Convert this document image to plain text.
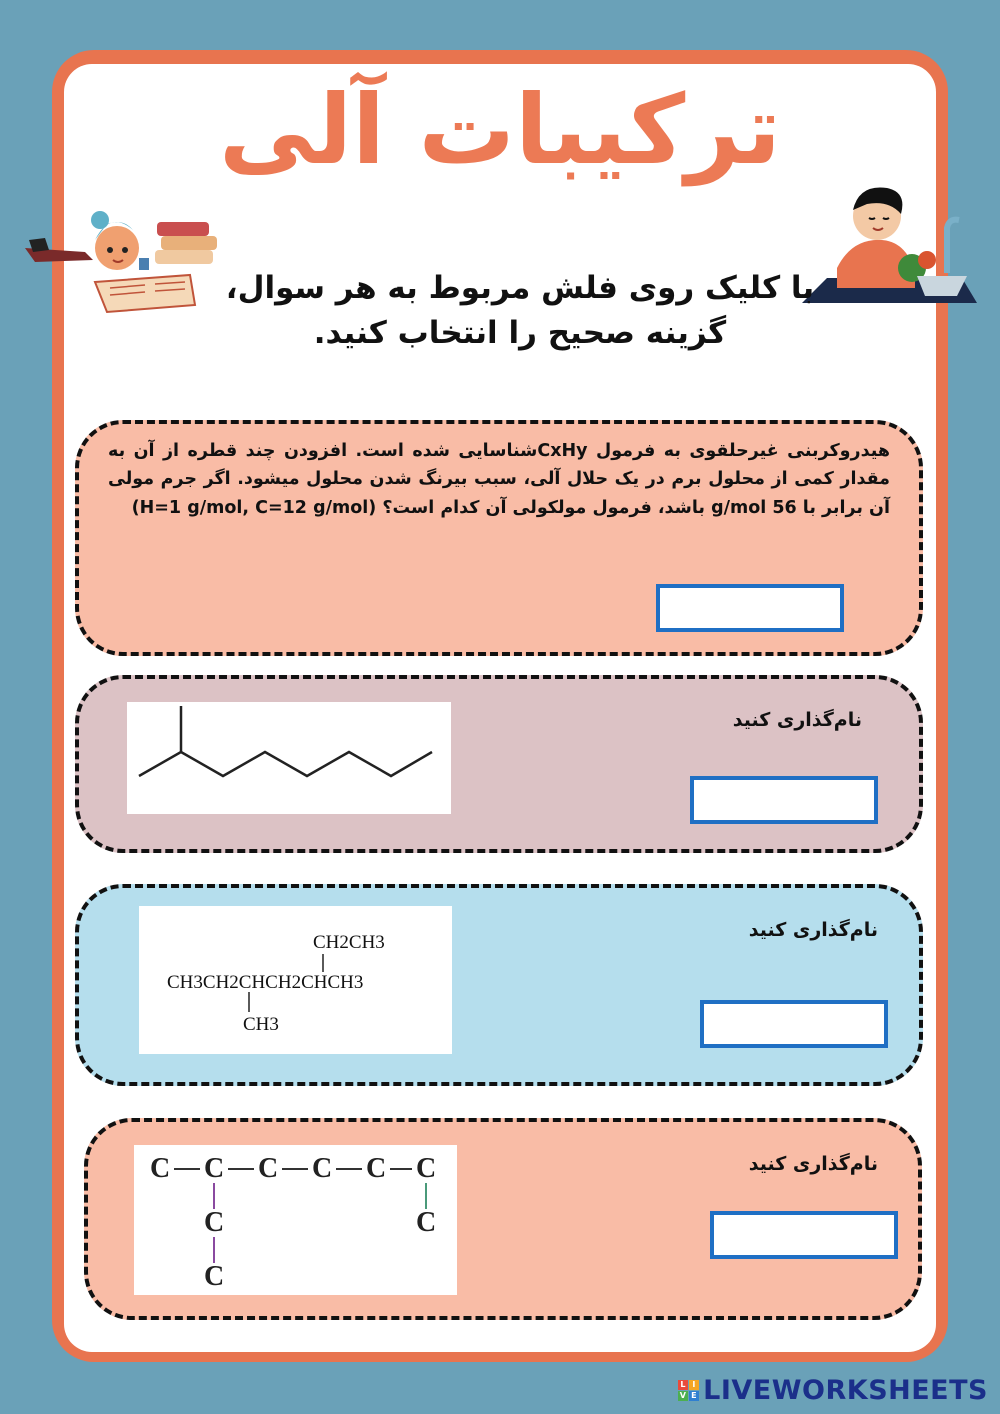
ترکیبات آلی
با کلیک روی فلش مربوط به هر سوال، گزینه صحیح را انتخاب کنید.
هیدروکربنی غیرحلقوی به فرمول CxHyشناسایی شده است. افزودن چند قطره از آن به مقدار کمی از محلول برم در یک حلال آلی، سبب بیرنگ شدن محلول میشود. اگر جرم مولی آن برابر با 56 g/mol باشد، فرمول مولکولی آن کدام است؟ (H=1 g/mol, C=12 g/mol)
نام‌گذاری کنید
CH2CH3
CH3CH2CHCH2CHCH3
CH3
نام‌گذاری کنید
C C C C C C
C
C
C
نام‌گذاری کنید
L I
V E LIVEWORKSHEETS
